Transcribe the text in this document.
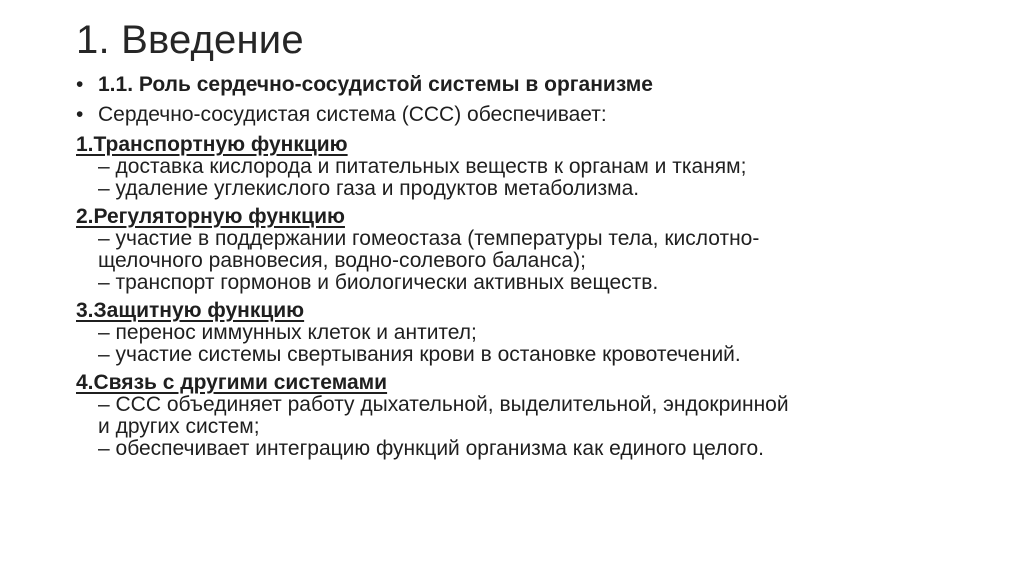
1. Введение
• 1.1. Роль сердечно-сосудистой системы в организме
• Сердечно-сосудистая система (ССС) обеспечивает:
1.Транспортную функцию
– доставка кислорода и питательных веществ к органам и тканям;
– удаление углекислого газа и продуктов метаболизма.
2.Регуляторную функцию
– участие в поддержании гомеостаза (температуры тела, кислотно-
щелочного равновесия, водно-солевого баланса);
– транспорт гормонов и биологически активных веществ.
3.Защитную функцию
– перенос иммунных клеток и антител;
– участие системы свертывания крови в остановке кровотечений.
4.Связь с другими системами
– ССС объединяет работу дыхательной, выделительной, эндокринной
и других систем;
– обеспечивает интеграцию функций организма как единого целого.
